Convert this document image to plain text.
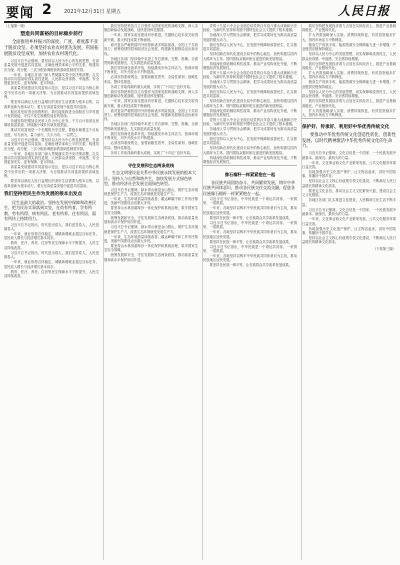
要闻 2 2021年12月31日 星期五	人民日报

（上接第一版）

塑造共同富裕的目标稳步前行

全面推进乡村振兴的深度、广度、难度都不亚于脱贫攻坚。必须坚持农业农村优先发展，巩固拓展脱贫攻坚成果，加快农业农村现代化。

习近平总书记强调，要坚持以人民为中心的发展思想，在高质量发展中促进共同富裕，正确处理效率和公平的关系，构建初次分配、再分配、三次分配协调配套的基础性制度安排。

一年来，各地区各部门深入贯彻落实党中央决策部署，扎实推动共同富裕取得实质性进展，人民群众获得感、幸福感、安全感更加充实、更有保障、更可持续。

高质量发展建设共同富裕示范区，是以习近平同志为核心的党中央作出的一项重大决策，为全国推动共同富裕提供省域范例。

要坚持以满足人民日益增长的美好生活需要为根本目的，以改革创新为根本动力，着力在高质量发展中促进共同富裕。

脱贫攻坚取得全面胜利后，我们接续推进全面脱贫与乡村振兴有效衔接，守住不发生规模性返贫的底线。

各地坚持把增加农民收入作为中心任务，千方百计拓宽农民增收致富渠道，持续缩小城乡区域发展差距。

推动共同富裕是一个长期的历史过程，要稳步朝着这个目标迈进，尽力而为、量力而行，久久为功、一以贯之。

习近平总书记强调，要坚持以人民为中心的发展思想，在高质量发展中促进共同富裕，正确处理效率和公平的关系，构建初次分配、再分配、三次分配协调配套的基础性制度安排。

一年来，各地区各部门深入贯彻落实党中央决策部署，扎实推动共同富裕取得实质性进展，人民群众获得感、幸福感、安全感更加充实、更有保障、更可持续。

高质量发展建设共同富裕示范区，是以习近平同志为核心的党中央作出的一项重大决策，为全国推动共同富裕提供省域范例。

要坚持以满足人民日益增长的美好生活需要为根本目的，以改革创新为根本动力，着力在高质量发展中促进共同富裕。

我们坚持把民生作为发展的根本出发点

民生是最大的政治。坚持在发展中保障和改善民生，把为民办实事落到实处，在幼有所育、学有所教、劳有所得、病有所医、老有所养、住有所居、弱有所扶上持续用力。

习近平总书记指出，时代是出卷人，我们是答卷人，人民是阅卷人。

一年来，就业形势总体稳定，城镇新增就业超过目标任务，居民收入增长与经济增长基本同步。

教育、医疗、养老、住房等民生保障水平不断提升，人民生活持续改善。

习近平总书记指出，时代是出卷人，我们是答卷人，人民是阅卷人。

一年来，就业形势总体稳定，城镇新增就业超过目标任务，居民收入增长与经济增长基本同步。

教育、医疗、养老、住房等民生保障水平不断提升，人民生活持续改善。

我们坚持把科技自立自强作为国家发展的战略支撑，深入实施创新驱动发展战略，加快建设科技强国。

一年来，国家实验室建设有序推进，关键核心技术攻关取得新突破，重大科技成果不断涌现。

面对复杂严峻的国内外形势和诸多风险挑战，全国上下共同努力，统筹疫情防控和经济社会发展，构建新发展格局迈出新步伐。

各地区各部门坚持稳中求进工作总基调，完整、准确、全面贯彻新发展理念，扎实推进高质量发展。

我们坚持深化改革开放，持续激发市场主体活力，营商环境不断优化，对外开放水平不断提高。

必须坚持系统观念，加强前瞻性思考、全局性谋划、战略性布局、整体性推进。

各项工作取得新的重大成就，实现了“十四五”良好开局。

我们坚持把科技自立自强作为国家发展的战略支撑，深入实施创新驱动发展战略，加快建设科技强国。

一年来，国家实验室建设有序推进，关键核心技术攻关取得新突破，重大科技成果不断涌现。

面对复杂严峻的国内外形势和诸多风险挑战，全国上下共同努力，统筹疫情防控和经济社会发展，构建新发展格局迈出新步伐。

各地区各部门坚持稳中求进工作总基调，完整、准确、全面贯彻新发展理念，扎实推进高质量发展。

我们坚持深化改革开放，持续激发市场主体活力，营商环境不断优化，对外开放水平不断提高。

必须坚持系统观念，加强前瞻性思考、全局性谋划、战略性布局、整体性推进。

各项工作取得新的重大成就，实现了“十四五”良好开局。

守住发展和生态两条底线

生态文明建设是关系中华民族永续发展的根本大计。坚持人与自然和谐共生，加快发展方式绿色转型，推动经济社会发展全面绿色转型。

习近平总书记强调，绿水青山就是金山银山，保护生态环境就是保护生产力，改善生态环境就是发展生产力。

一年来，生态环境质量持续改善，碳达峰碳中和工作有序推进，美丽中国建设迈出重大步伐。

要坚持山水林田湖草沙一体化保护和系统治理，筑牢国家生态安全屏障。

统筹发展和安全，守住发展和生态两条底线，推动高质量发展和高水平保护协同并进。

习近平总书记强调，绿水青山就是金山银山，保护生态环境就是保护生产力，改善生态环境就是发展生产力。

一年来，生态环境质量持续改善，碳达峰碳中和工作有序推进，美丽中国建设迈出重大步伐。

要坚持山水林田湖草沙一体化保护和系统治理，筑牢国家生态安全屏障。

统筹发展和安全，守住发展和生态两条底线，推动高质量发展和高水平保护协同并进。

党的十九届六中全会全面总结党的百年奋斗重大成就和历史经验，为新时代坚持和发展中国特色社会主义提供了根本遵循。

各地深入学习贯彻全会精神，把学习成果转化为推动高质量发展的强大动力。

我们坚持以人民为中心，在发展中保障和改善民生，扎实推进共同富裕。

坚持创新在现代化建设全局中的核心地位，加快构建以国内大循环为主体、国内国际双循环相互促进的新发展格局。

持续深化供给侧结构性改革，推动产业结构优化升级，不断增强经济发展韧性。

党的十九届六中全会全面总结党的百年奋斗重大成就和历史经验，为新时代坚持和发展中国特色社会主义提供了根本遵循。

各地深入学习贯彻全会精神，把学习成果转化为推动高质量发展的强大动力。

我们坚持以人民为中心，在发展中保障和改善民生，扎实推进共同富裕。

坚持创新在现代化建设全局中的核心地位，加快构建以国内大循环为主体、国内国际双循环相互促进的新发展格局。

持续深化供给侧结构性改革，推动产业结构优化升级，不断增强经济发展韧性。

党的十九届六中全会全面总结党的百年奋斗重大成就和历史经验，为新时代坚持和发展中国特色社会主义提供了根本遵循。

各地深入学习贯彻全会精神，把学习成果转化为推动高质量发展的强大动力。

我们坚持以人民为中心，在发展中保障和改善民生，扎实推进共同富裕。

坚持创新在现代化建设全局中的核心地位，加快构建以国内大循环为主体、国内国际双循环相互促进的新发展格局。

持续深化供给侧结构性改革，推动产业结构优化升级，不断增强经济发展韧性。

像石榴籽一样紧紧抱在一起

各民族共同团结奋斗、共同繁荣发展，铸牢中华民族共同体意识，推动各民族交往交流交融，促进各民族像石榴籽一样紧紧抱在一起。

习近平总书记指出，中华民族是一个命运共同体，一荣俱荣、一损俱损。

一年来，各地坚持以铸牢中华民族共同体意识为主线，推动民族地区加快发展。

要坚持各民族一律平等，让各族群众共享改革发展成果。

习近平总书记指出，中华民族是一个命运共同体，一荣俱荣、一损俱损。

一年来，各地坚持以铸牢中华民族共同体意识为主线，推动民族地区加快发展。

要坚持各民族一律平等，让各族群众共享改革发展成果。

习近平总书记指出，中华民族是一个命运共同体，一荣俱荣、一损俱损。

一年来，各地坚持以铸牢中华民族共同体意识为主线，推动民族地区加快发展。

要坚持各民族一律平等，让各族群众共享改革发展成果。

我们坚持把发展经济着力点放在实体经济上，推进产业基础高级化、产业链现代化。

扩大内需战略深入实施，消费持续恢复，有效投资稳步扩大，国内市场活力不断释放。

粮食生产再获丰收，能源资源安全保障能力进一步增强，产业链供应链保持稳定。

坚持以人民为中心的发展思想，切实保障和改善民生，人民群众获得感、幸福感、安全感持续增强。

我们坚持把发展经济着力点放在实体经济上，推进产业基础高级化、产业链现代化。

扩大内需战略深入实施，消费持续恢复，有效投资稳步扩大，国内市场活力不断释放。

粮食生产再获丰收，能源资源安全保障能力进一步增强，产业链供应链保持稳定。

坚持以人民为中心的发展思想，切实保障和改善民生，人民群众获得感、幸福感、安全感持续增强。

我们坚持把发展经济着力点放在实体经济上，推进产业基础高级化、产业链现代化。

扩大内需战略深入实施，消费持续恢复，有效投资稳步扩大，国内市场活力不断释放。

保护好、传承好、利用好中华优秀传统文化

要推动中华优秀传统文化创造性转化、创新性发展，以时代精神激活中华优秀传统文化的生命力。

习近平总书记强调，文化自信是一个国家、一个民族发展中最基本、最深沉、最持久的力量。

一年来，文化事业和文化产业繁荣发展，公共文化服务体系日益完善。

各地加强历史文化遗产保护，让文物活起来，讲好中国故事，传播好中国声音。

坚持以社会主义核心价值观引领文化建设，不断满足人民日益增长的精神文化需求。

要坚定文化自信，推动社会主义文化繁荣兴盛，建设社会主义文化强国。

各地区各部门扎实推进文化建设，人民精神文化生活不断丰富。

习近平总书记强调，文化自信是一个国家、一个民族发展中最基本、最深沉、最持久的力量。

一年来，文化事业和文化产业繁荣发展，公共文化服务体系日益完善。

各地加强历史文化遗产保护，让文物活起来，讲好中国故事，传播好中国声音。

坚持以社会主义核心价值观引领文化建设，不断满足人民日益增长的精神文化需求。

（下转第三版）
